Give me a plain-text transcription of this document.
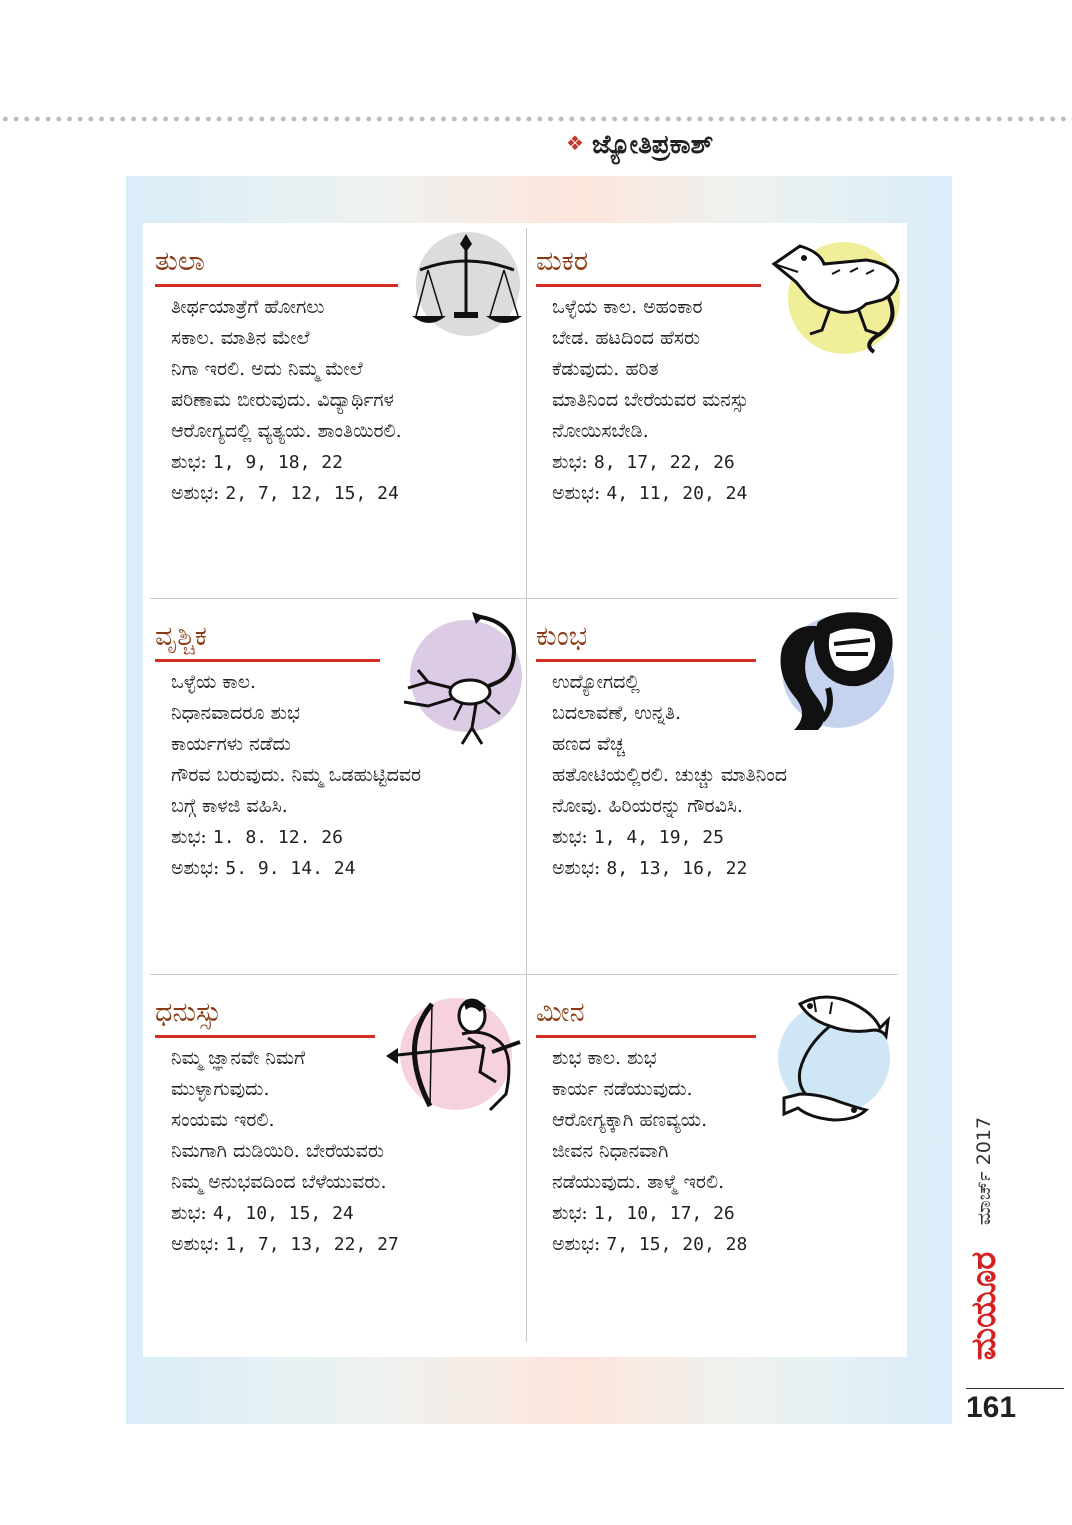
❖ ಜ್ಯೋತಿಪ್ರಕಾಶ್
ತುಲಾ
ತೀರ್ಥಯಾತ್ರೆಗೆ ಹೋಗಲು
ಸಕಾಲ. ಮಾತಿನ ಮೇಲೆ
ನಿಗಾ ಇರಲಿ. ಅದು ನಿಮ್ಮ ಮೇಲೆ
ಪರಿಣಾಮ ಬೀರುವುದು. ವಿದ್ಯಾರ್ಥಿಗಳ
ಆರೋಗ್ಯದಲ್ಲಿ ವ್ಯತ್ಯಯ. ಶಾಂತಿಯಿರಲಿ.
ಶುಭ: 1, 9, 18, 22
ಅಶುಭ: 2, 7, 12, 15, 24
ಮಕರ
ಒಳ್ಳೆಯ ಕಾಲ. ಅಹಂಕಾರ
ಬೇಡ. ಹಟದಿಂದ ಹೆಸರು
ಕೆಡುವುದು. ಹರಿತ
ಮಾತಿನಿಂದ ಬೇರೆಯವರ ಮನಸ್ಸು
ನೋಯಿಸಬೇಡಿ.
ಶುಭ: 8, 17, 22, 26
ಅಶುಭ: 4, 11, 20, 24
ವೃಶ್ಚಿಕ
ಒಳ್ಳೆಯ ಕಾಲ.
ನಿಧಾನವಾದರೂ ಶುಭ
ಕಾರ್ಯಗಳು ನಡೆದು
ಗೌರವ ಬರುವುದು. ನಿಮ್ಮ ಒಡಹುಟ್ಟಿದವರ
ಬಗ್ಗೆ ಕಾಳಜಿ ವಹಿಸಿ.
ಶುಭ: 1. 8. 12. 26
ಅಶುಭ: 5. 9. 14. 24
ಕುಂಭ
ಉದ್ಯೋಗದಲ್ಲಿ
ಬದಲಾವಣೆ, ಉನ್ನತಿ.
ಹಣದ ವೆಚ್ಚ
ಹತೋಟಿಯಲ್ಲಿರಲಿ. ಚುಚ್ಚು ಮಾತಿನಿಂದ
ನೋವು. ಹಿರಿಯರನ್ನು ಗೌರವಿಸಿ.
ಶುಭ: 1, 4, 19, 25
ಅಶುಭ: 8, 13, 16, 22
ಧನುಸ್ಸು
ನಿಮ್ಮ ಜ್ಞಾನವೇ ನಿಮಗೆ
ಮುಳ್ಳಾಗುವುದು.
ಸಂಯಮ ಇರಲಿ.
ನಿಮಗಾಗಿ ದುಡಿಯಿರಿ. ಬೇರೆಯವರು
ನಿಮ್ಮ ಅನುಭವದಿಂದ ಬೆಳೆಯುವರು.
ಶುಭ: 4, 10, 15, 24
ಅಶುಭ: 1, 7, 13, 22, 27
ಮೀನ
ಶುಭ ಕಾಲ. ಶುಭ
ಕಾರ್ಯ ನಡೆಯುವುದು.
ಆರೋಗ್ಯಕ್ಕಾಗಿ ಹಣವ್ಯಯ.
ಜೀವನ ನಿಧಾನವಾಗಿ
ನಡೆಯುವುದು. ತಾಳ್ಮೆ ಇರಲಿ.
ಶುಭ: 1, 10, 17, 26
ಅಶುಭ: 7, 15, 20, 28
ಮಾರ್ಚ್ 2017
ಮಯೂರ
161
